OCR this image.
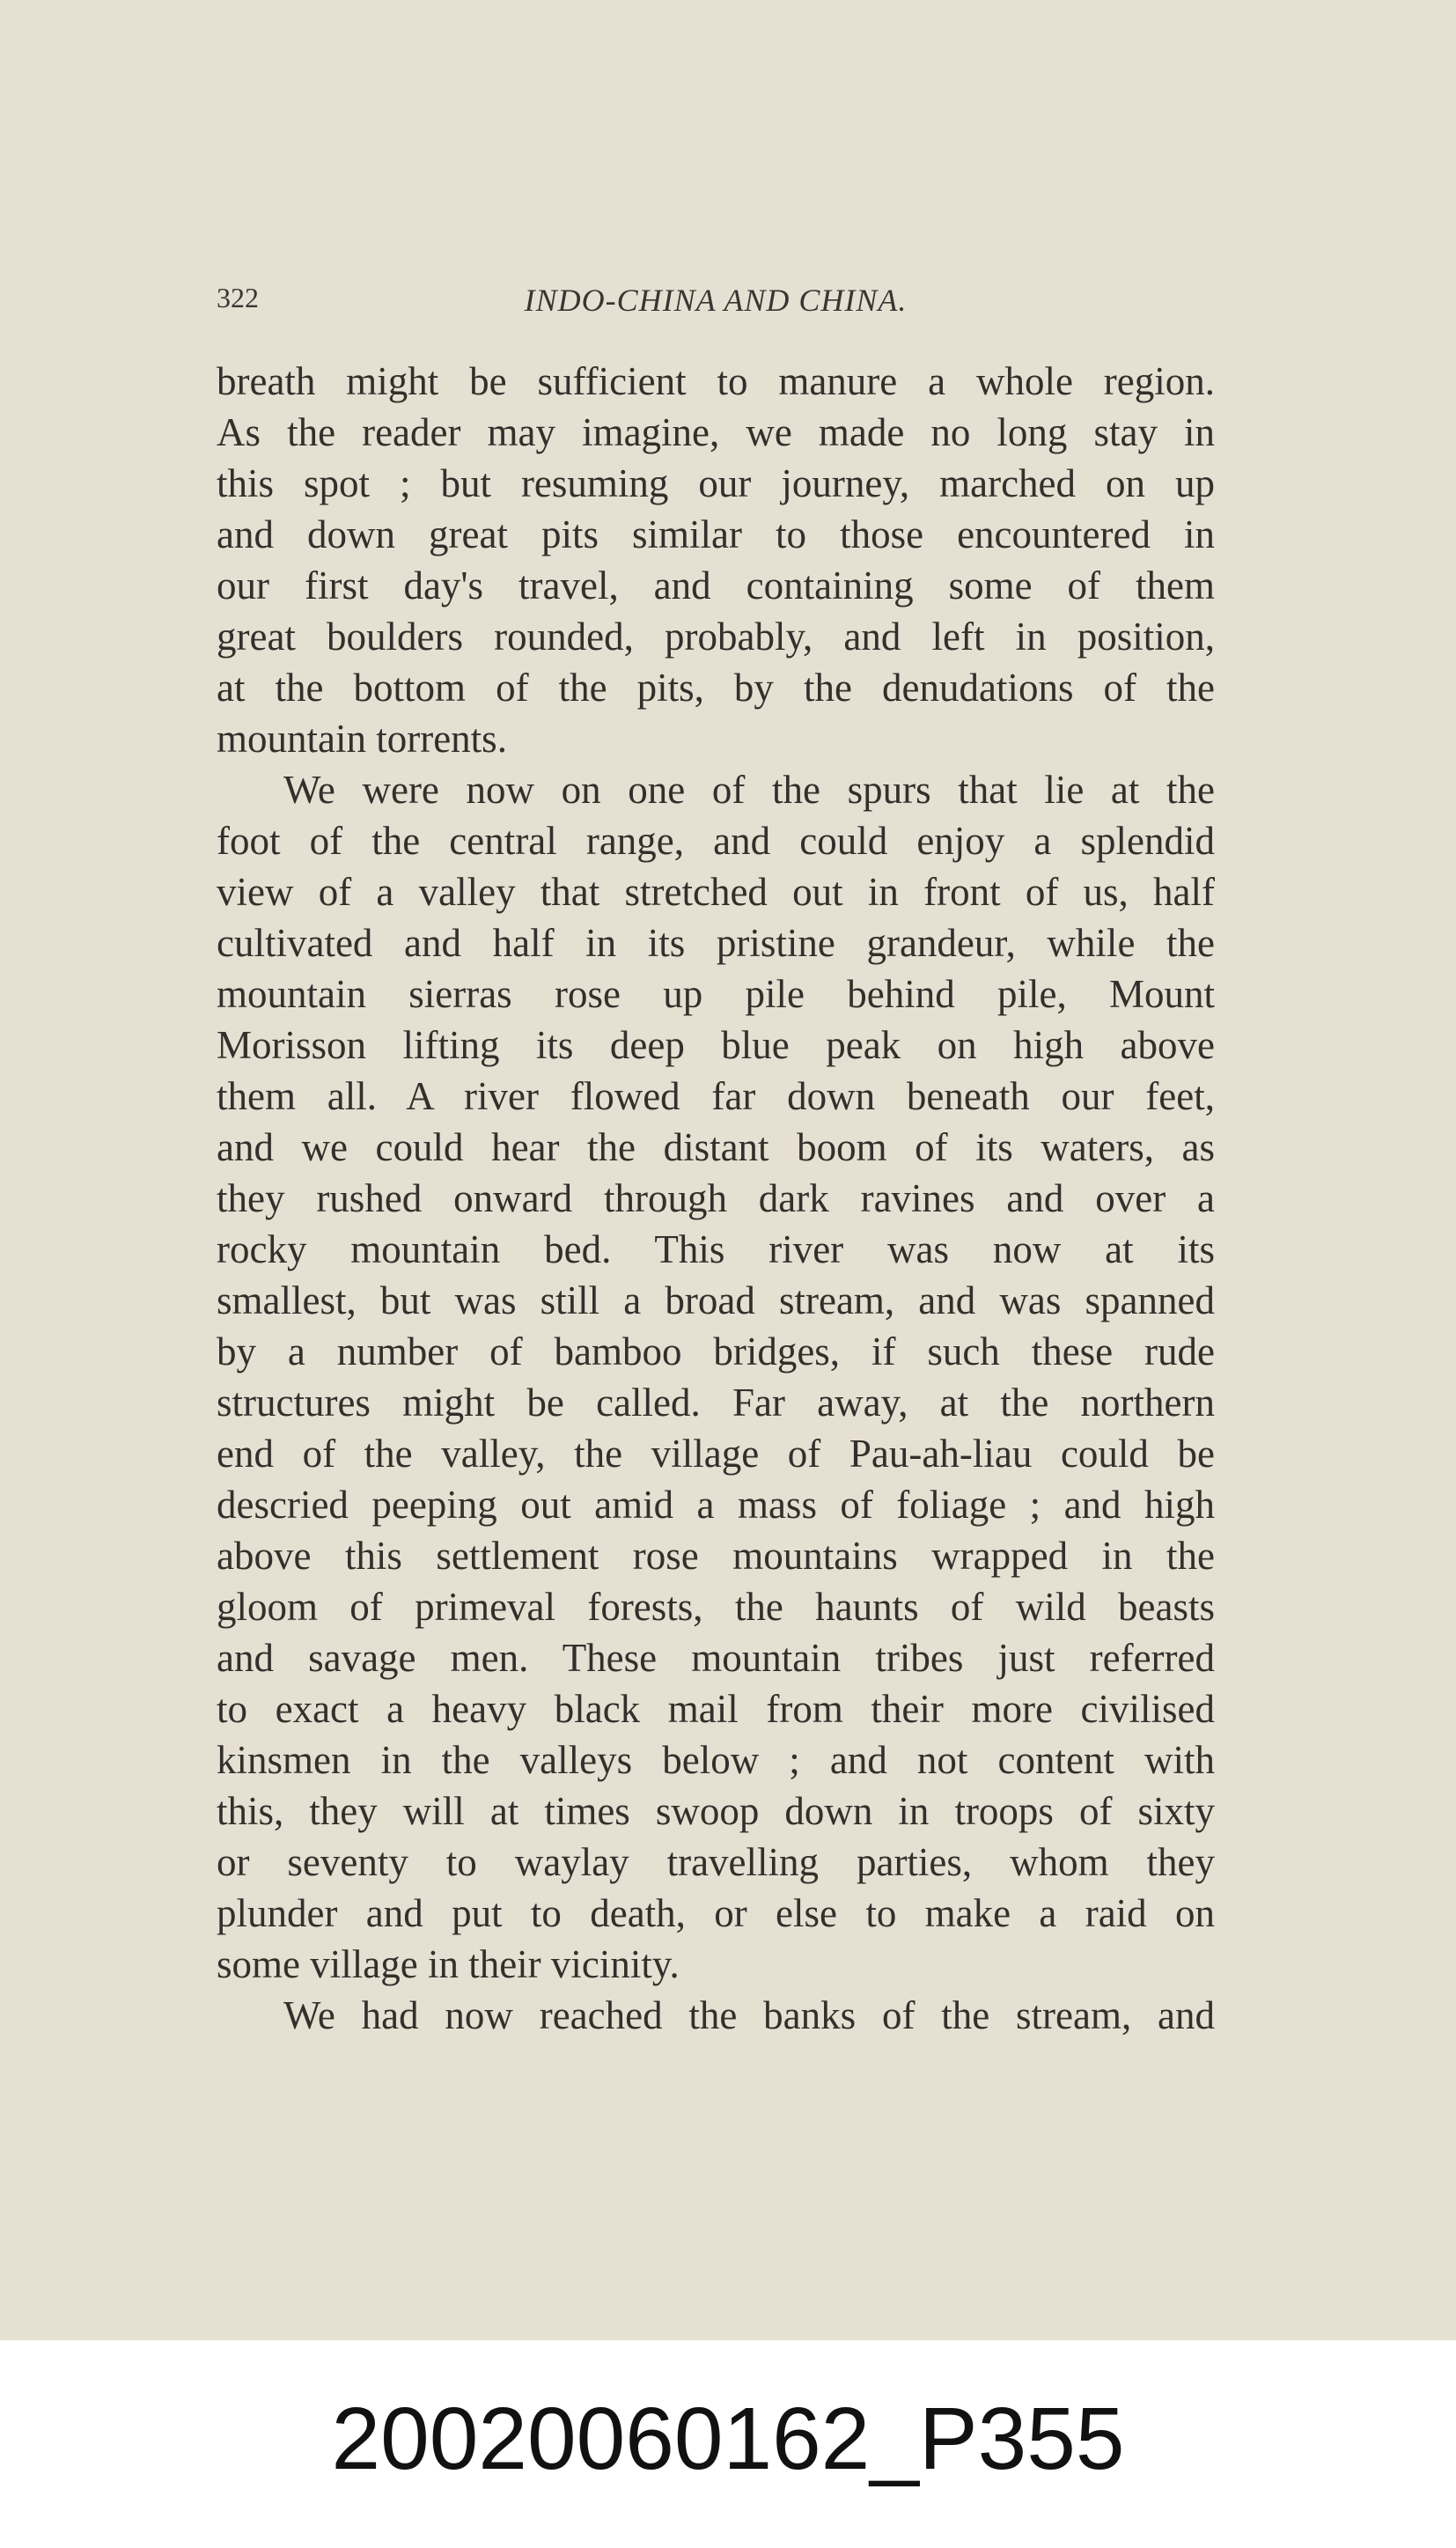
322	INDO-CHINA AND CHINA.

breath might be sufficient to manure a whole region.
As the reader may imagine, we made no long stay in
this spot ; but resuming our journey, marched on up
and down great pits similar to those encountered in
our first day's travel, and containing some of them
great boulders rounded, probably, and left in position,
at the bottom of the pits, by the denudations of the
mountain torrents.

We were now on one of the spurs that lie at the
foot of the central range, and could enjoy a splendid
view of a valley that stretched out in front of us, half
cultivated and half in its pristine grandeur, while the
mountain sierras rose up pile behind pile, Mount
Morisson lifting its deep blue peak on high above
them all. A river flowed far down beneath our feet,
and we could hear the distant boom of its waters, as
they rushed onward through dark ravines and over a
rocky mountain bed. This river was now at its
smallest, but was still a broad stream, and was spanned
by a number of bamboo bridges, if such these rude
structures might be called. Far away, at the northern
end of the valley, the village of Pau-ah-liau could be
descried peeping out amid a mass of foliage ; and high
above this settlement rose mountains wrapped in the
gloom of primeval forests, the haunts of wild beasts
and savage men. These mountain tribes just referred
to exact a heavy black mail from their more civilised
kinsmen in the valleys below ; and not content with
this, they will at times swoop down in troops of sixty
or seventy to waylay travelling parties, whom they
plunder and put to death, or else to make a raid on
some village in their vicinity.

We had now reached the banks of the stream, and

20020060162_P355
